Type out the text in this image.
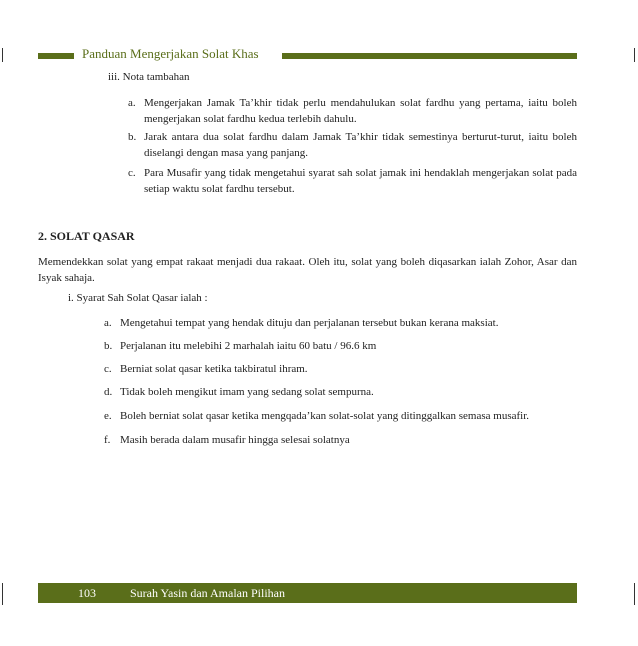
Panduan Mengerjakan Solat Khas
iii. Nota tambahan
a. Mengerjakan Jamak Ta’khir tidak perlu mendahulukan solat fardhu yang pertama, iaitu boleh mengerjakan solat fardhu kedua terlebih dahulu.
b. Jarak antara dua solat fardhu dalam Jamak Ta’khir tidak semestinya berturut-turut, iaitu boleh diselangi dengan masa yang panjang.
c. Para Musafir yang tidak mengetahui syarat sah solat jamak ini hendaklah mengerjakan solat pada setiap waktu solat fardhu tersebut.
2. SOLAT QASAR
Memendekkan solat yang empat rakaat menjadi dua rakaat. Oleh itu, solat yang boleh diqasarkan ialah Zohor, Asar dan Isyak sahaja.
i. Syarat Sah Solat Qasar ialah :
a. Mengetahui tempat yang hendak dituju dan perjalanan tersebut bukan kerana maksiat.
b. Perjalanan itu melebihi 2 marhalah iaitu 60 batu / 96.6 km
c. Berniat solat qasar ketika takbiratul ihram.
d. Tidak boleh mengikut imam yang sedang solat sempurna.
e. Boleh berniat solat qasar ketika mengqada’kan solat-solat yang ditinggalkan semasa musafir.
f. Masih berada dalam musafir hingga selesai solatnya
103	Surah Yasin dan Amalan Pilihan
